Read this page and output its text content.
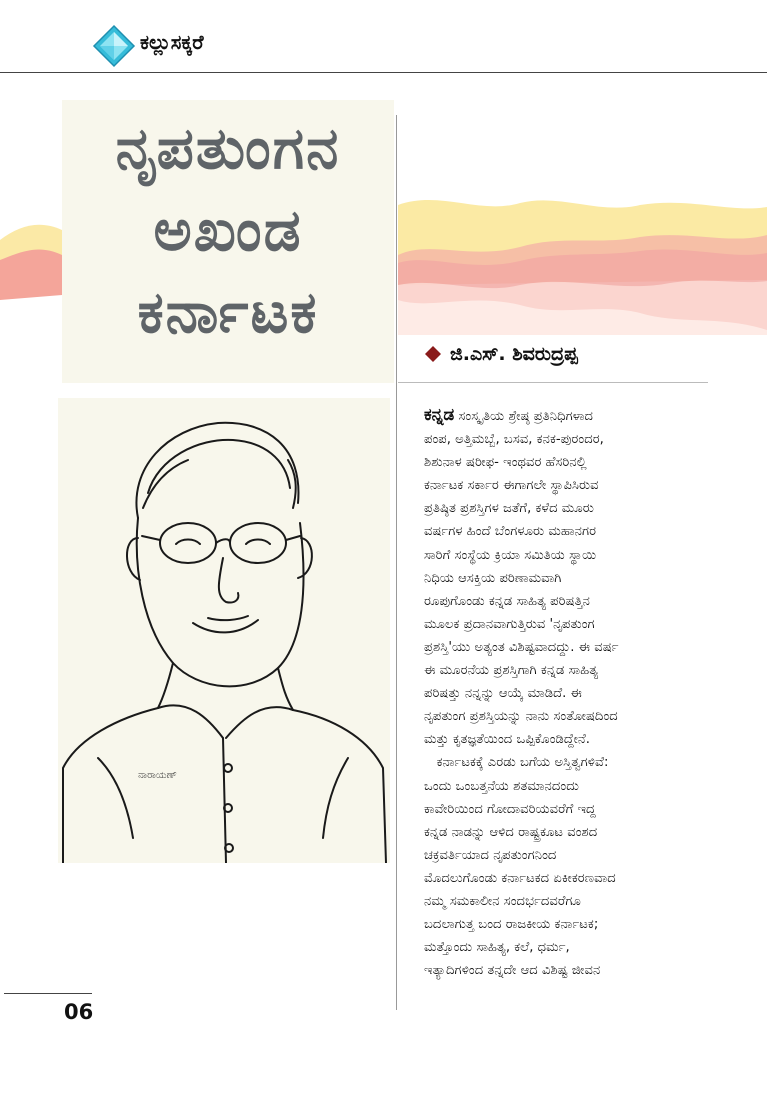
ಕಲ್ಲುಸಕ್ಕರೆ
ನೃಪತುಂಗನ
ಅಖಂಡ
ಕರ್ನಾಟಕ
ಜಿ.ಎಸ್. ಶಿವರುದ್ರಪ್ಪ
ನಾರಾಯಣ್
ಕನ್ನಡ ಸಂಸ್ಕೃತಿಯ ಶ್ರೇಷ್ಠ ಪ್ರತಿನಿಧಿಗಳಾದ
ಪಂಪ, ಅತ್ತಿಮಬ್ಬೆ, ಬಸವ, ಕನಕ-ಪುರಂದರ,
ಶಿಶುನಾಳ ಷರೀಫ- ಇಂಥವರ ಹೆಸರಿನಲ್ಲಿ
ಕರ್ನಾಟಕ ಸರ್ಕಾರ ಈಗಾಗಲೇ ಸ್ಥಾಪಿಸಿರುವ
ಪ್ರತಿಷ್ಠಿತ ಪ್ರಶಸ್ತಿಗಳ ಜತೆಗೆ, ಕಳೆದ ಮೂರು
ವರ್ಷಗಳ ಹಿಂದೆ ಬೆಂಗಳೂರು ಮಹಾನಗರ
ಸಾರಿಗೆ ಸಂಸ್ಥೆಯ ಕ್ರಿಯಾ ಸಮಿತಿಯ ಸ್ಥಾಯಿ
ನಿಧಿಯ ಆಸಕ್ತಿಯ ಪರಿಣಾಮವಾಗಿ
ರೂಪುಗೊಂಡು ಕನ್ನಡ ಸಾಹಿತ್ಯ ಪರಿಷತ್ತಿನ
ಮೂಲಕ ಪ್ರದಾನವಾಗುತ್ತಿರುವ 'ನೃಪತುಂಗ
ಪ್ರಶಸ್ತಿ'ಯು ಅತ್ಯಂತ ವಿಶಿಷ್ಟವಾದದ್ದು. ಈ ವರ್ಷ
ಈ ಮೂರನೆಯ ಪ್ರಶಸ್ತಿಗಾಗಿ ಕನ್ನಡ ಸಾಹಿತ್ಯ
ಪರಿಷತ್ತು ನನ್ನನ್ನು ಆಯ್ಕೆ ಮಾಡಿದೆ. ಈ
ನೃಪತುಂಗ ಪ್ರಶಸ್ತಿಯನ್ನು ನಾನು ಸಂತೋಷದಿಂದ
ಮತ್ತು ಕೃತಜ್ಞತೆಯಿಂದ ಒಪ್ಪಿಕೊಂಡಿದ್ದೇನೆ.
ಕರ್ನಾಟಕಕ್ಕೆ ಎರಡು ಬಗೆಯ ಅಸ್ತಿತ್ವಗಳಿವೆ:
ಒಂದು ಒಂಬತ್ತನೆಯ ಶತಮಾನದಂದು
ಕಾವೇರಿಯಿಂದ ಗೋದಾವರಿಯವರೆಗೆ ಇದ್ದ
ಕನ್ನಡ ನಾಡನ್ನು ಆಳಿದ ರಾಷ್ಟ್ರಕೂಟ ವಂಶದ
ಚಕ್ರವರ್ತಿಯಾದ ನೃಪತುಂಗನಿಂದ
ಮೊದಲುಗೊಂಡು ಕರ್ನಾಟಕದ ಏಕೀಕರಣವಾದ
ನಮ್ಮ ಸಮಕಾಲೀನ ಸಂದರ್ಭದವರೆಗೂ
ಬದಲಾಗುತ್ತ ಬಂದ ರಾಜಕೀಯ ಕರ್ನಾಟಕ;
ಮತ್ತೊಂದು ಸಾಹಿತ್ಯ, ಕಲೆ, ಧರ್ಮ,
ಇತ್ಯಾದಿಗಳಿಂದ ತನ್ನದೇ ಆದ ವಿಶಿಷ್ಟ ಜೀವನ
06
